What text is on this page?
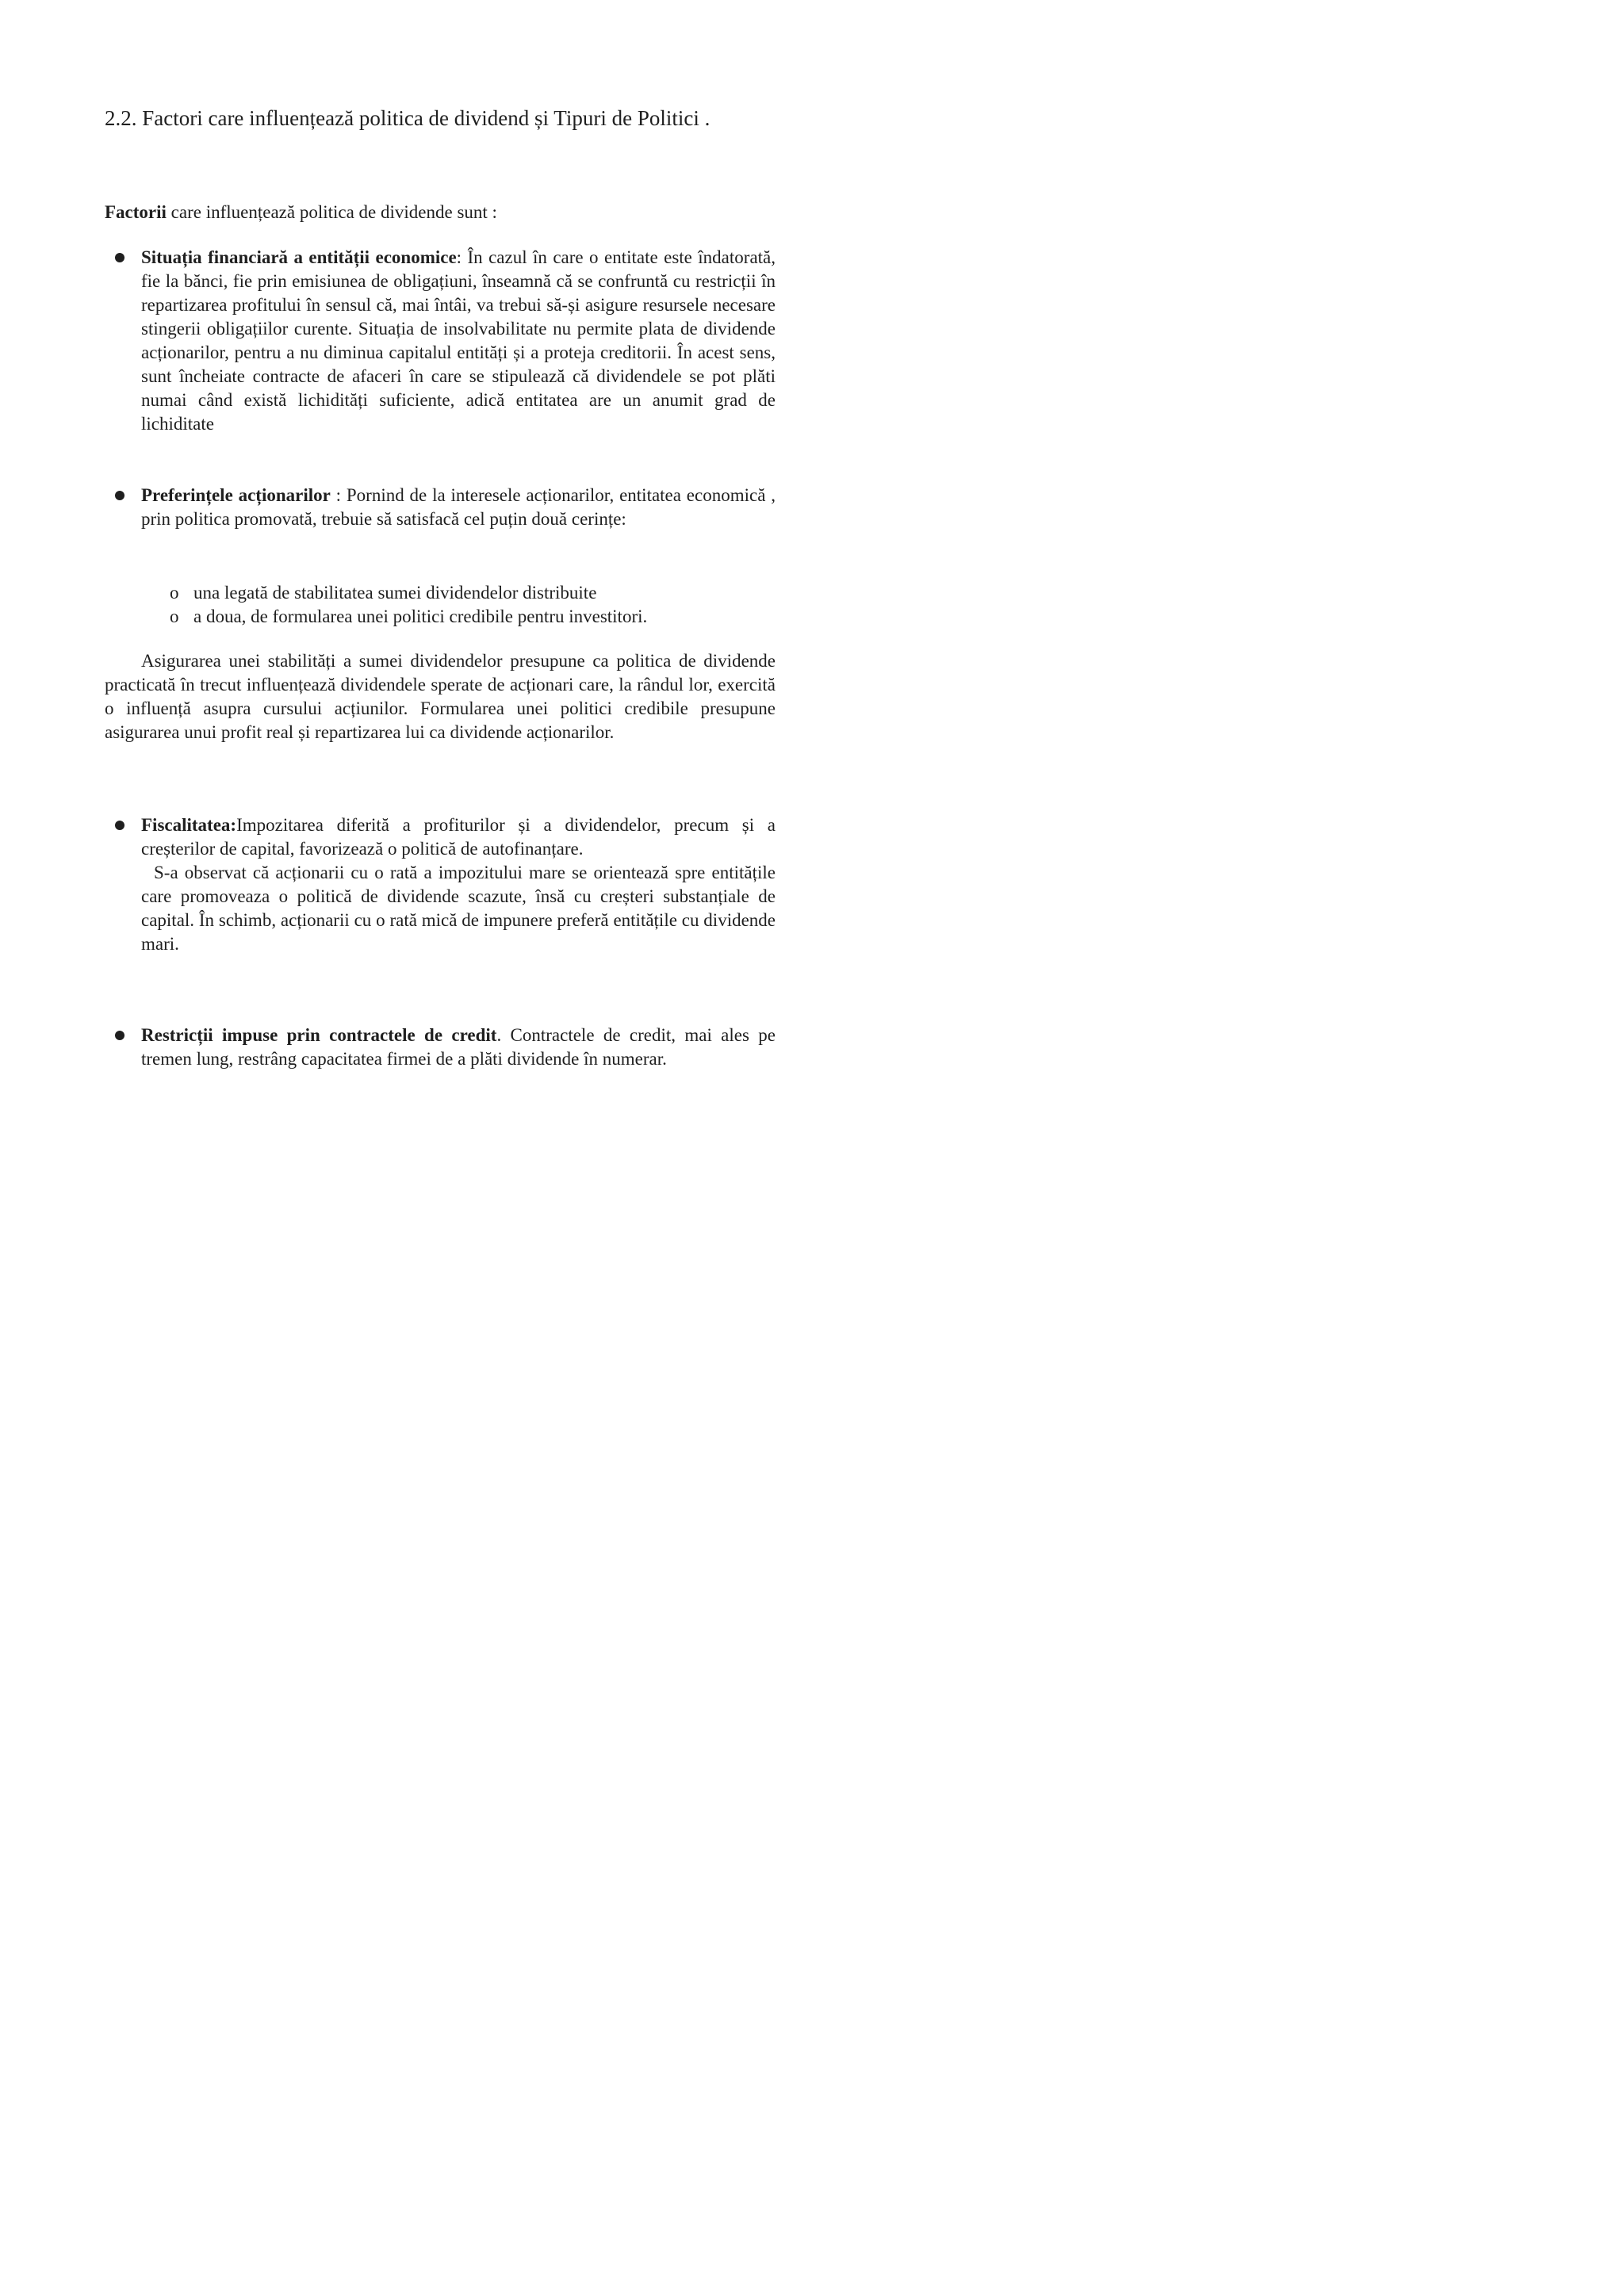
2.2. Factori care influențează politica de dividend și Tipuri de Politici .
Factorii care influențează politica de dividende sunt :
Situația financiară a entității economice: În cazul în care o entitate este îndatorată, fie la bănci, fie prin emisiunea de obligațiuni, înseamnă că se confruntă cu restricții în repartizarea profitului în sensul că, mai întâi, va trebui să-și asigure resursele necesare stingerii obligațiilor curente. Situația de insolvabilitate nu permite plata de dividende acționarilor, pentru a nu diminua capitalul entități și a proteja creditorii. În acest sens, sunt încheiate contracte de afaceri în care se stipulează că dividendele se pot plăti numai când există lichidități suficiente, adică entitatea are un anumit grad de lichiditate
Preferințele acționarilor : Pornind de la interesele acționarilor, entitatea economică , prin politica promovată, trebuie să satisfacă cel puțin două cerințe:
o una legată de stabilitatea sumei dividendelor distribuite
o a doua, de formularea unei politici credibile pentru investitori.
Asigurarea unei stabilități a sumei dividendelor presupune ca politica de dividende practicată în trecut influențează dividendele sperate de acționari care, la rândul lor, exercită o influență asupra cursului acțiunilor. Formularea unei politici credibile presupune asigurarea unui profit real și repartizarea lui ca dividende acționarilor.
Fiscalitatea:Impozitarea diferită a profiturilor și a dividendelor, precum și a creșterilor de capital, favorizează o politică de autofinanțare.
S-a observat că acționarii cu o rată a impozitului mare se orientează spre entitățile care promoveaza o politică de dividende scazute, însă cu creșteri substanțiale de capital. În schimb, acționarii cu o rată mică de impunere preferă entitățile cu dividende mari.
Restricții impuse prin contractele de credit. Contractele de credit, mai ales pe tremen lung, restrâng capacitatea firmei de a plăti dividende în numerar.
